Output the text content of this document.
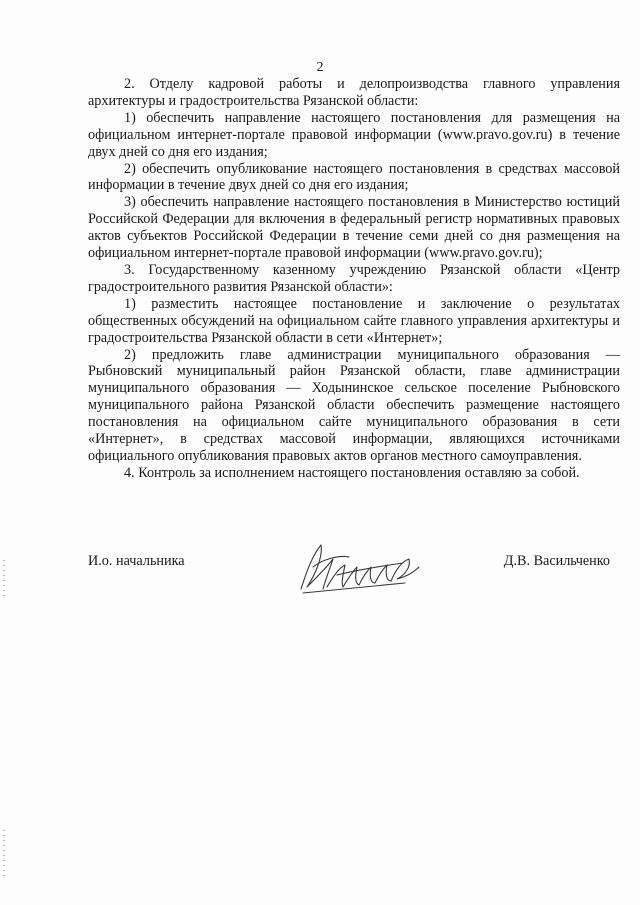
2

2. Отделу кадровой работы и делопроизводства главного управления архитектуры и градостроительства Рязанской области:

1) обеспечить направление настоящего постановления для размещения на официальном интернет-портале правовой информации (www.pravo.gov.ru) в течение двух дней со дня его издания;

2) обеспечить опубликование настоящего постановления в средствах массовой информации в течение двух дней со дня его издания;

3) обеспечить направление настоящего постановления в Министерство юстиций Российской Федерации для включения в федеральный регистр нормативных правовых актов субъектов Российской Федерации в течение семи дней со дня размещения на официальном интернет-портале правовой информации (www.pravo.gov.ru);

3. Государственному казенному учреждению Рязанской области «Центр градостроительного развития Рязанской области»:

1) разместить настоящее постановление и заключение о результатах общественных обсуждений на официальном сайте главного управления архитектуры и градостроительства Рязанской области в сети «Интернет»;

2) предложить главе администрации муниципального образования — Рыбновский муниципальный район Рязанской области, главе администрации муниципального образования — Ходынинское сельское поселение Рыбновского муниципального района Рязанской области обеспечить размещение настоящего постановления на официальном сайте муниципального образования в сети «Интернет», в средствах массовой информации, являющихся источниками официального опубликования правовых актов органов местного самоуправления.

4. Контроль за исполнением настоящего постановления оставляю за собой.

И.о. начальника	Д.В. Васильченко
